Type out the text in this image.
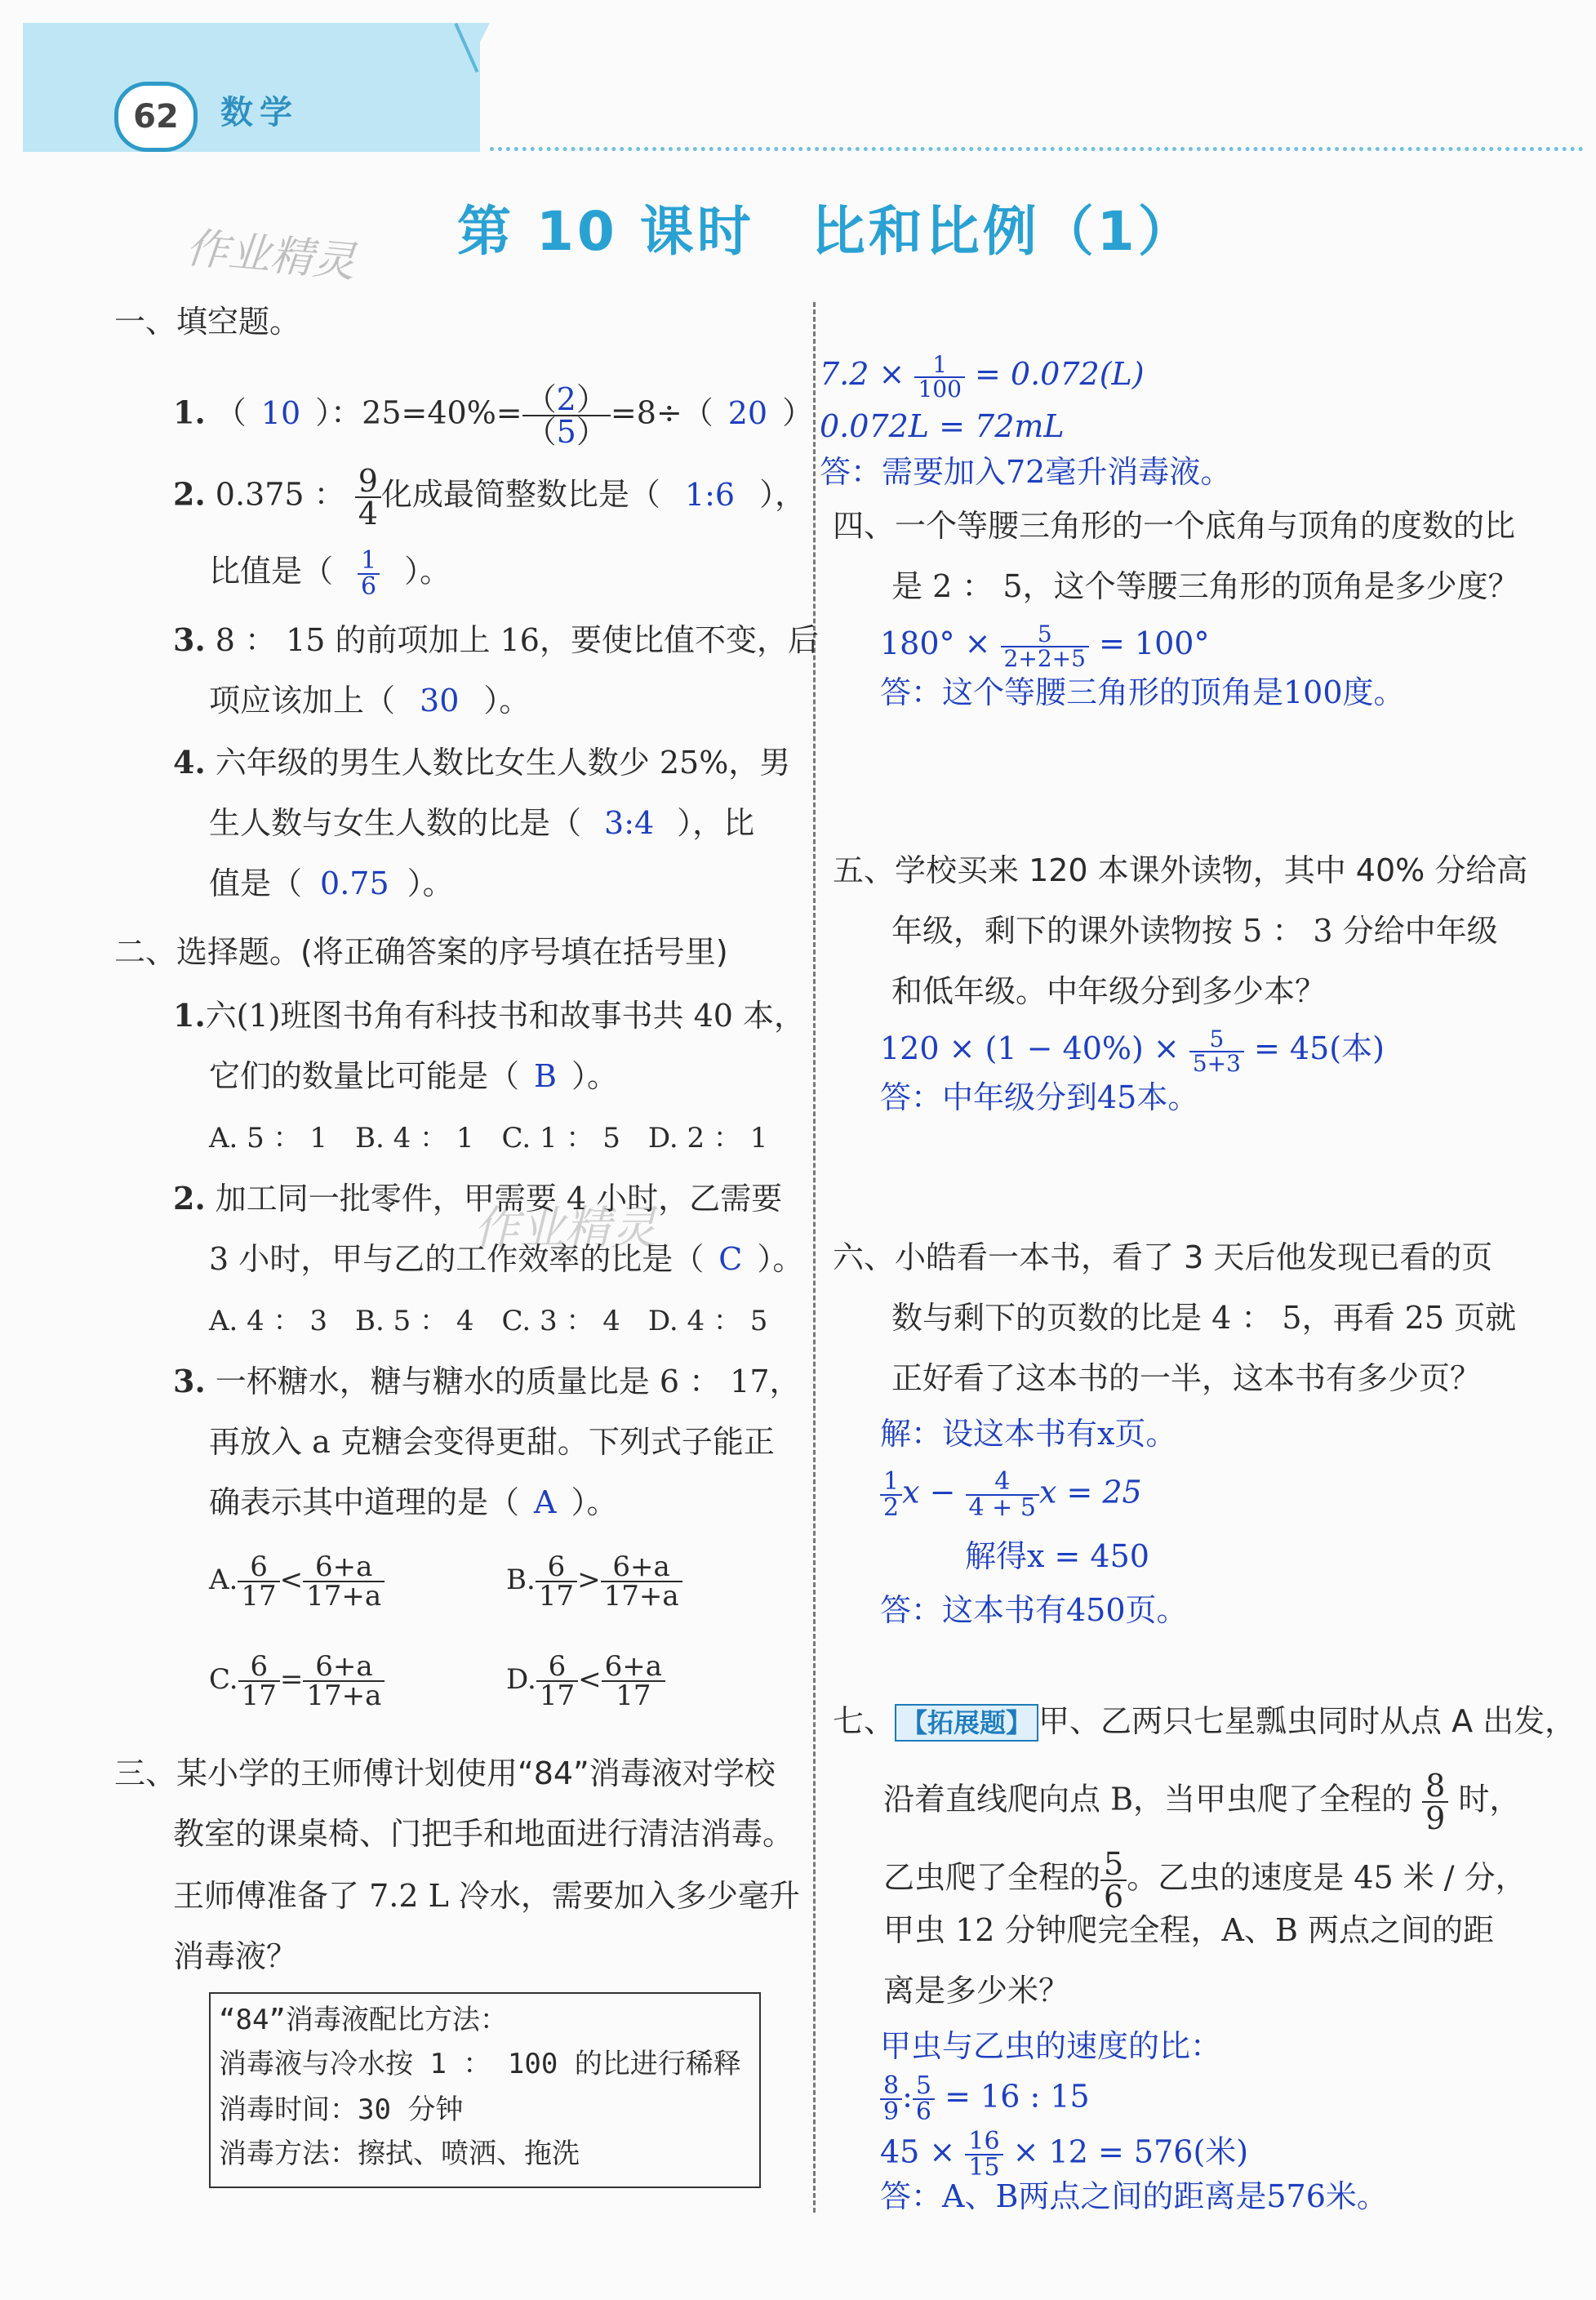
62	数学
第 10 课时　比和比例（1）
作业精灵
作业精灵
一、填空题。
1. （ 10 ）：$25=40\%= \frac{(2)}{(5)} =8\div$（ 20 ）
2. 0.375 ： $\frac{9}{4}$ 化成最简整数比是（ 1:6 ），
比值是（ $\frac{1}{6}$ ）。
3. 8 ： 15 的前项加上 16，要使比值不变，后
项应该加上（ 30 ）。
4. 六年级的男生人数比女生人数少 25%，男
生人数与女生人数的比是（ 3:4 ），比
值是（ 0.75 ）。
二、选择题。(将正确答案的序号填在括号里)
1.六(1)班图书角有科技书和故事书共 40 本，
它们的数量比可能是（ B ）。
A. 5 ： 1　B. 4 ： 1　C. 1 ： 5　D. 2 ： 1
2. 加工同一批零件，甲需要 4 小时，乙需要
3 小时，甲与乙的工作效率的比是（ C ）。
A. 4 ： 3　B. 5 ： 4　C. 3 ： 4　D. 4 ： 5
3. 一杯糖水，糖与糖水的质量比是 6 ： 17，
再放入 a 克糖会变得更甜。下列式子能正
确表示其中道理的是（ A ）。
A. $\frac{6}{17} < \frac{6+a}{17+a}$	B. $\frac{6}{17} > \frac{6+a}{17+a}$
C. $\frac{6}{17} = \frac{6+a}{17+a}$	D. $\frac{6}{17} < \frac{6+a}{17}$
三、某小学的王师傅计划使用“84”消毒液对学校
教室的课桌椅、门把手和地面进行清洁消毒。
王师傅准备了 7.2 L 冷水，需要加入多少毫升
消毒液？
“84”消毒液配比方法：
消毒液与冷水按 1 ： 100 的比进行稀释
消毒时间：30 分钟
消毒方法：擦拭、喷洒、拖洗
$7.2 \times \frac{1}{100} = 0.072(L)$
0.072L = 72mL
答：需要加入72毫升消毒液。
四、一个等腰三角形的一个底角与顶角的度数的比
是 2 ： 5，这个等腰三角形的顶角是多少度？
$180^\circ \times \frac{5}{2+2+5} = 100^\circ$
答：这个等腰三角形的顶角是100度。
五、学校买来 120 本课外读物，其中 40% 分给高
年级，剩下的课外读物按 5 ： 3 分给中年级
和低年级。中年级分到多少本？
$120 \times (1 - 40\%) \times \frac{5}{5+3} = 45$(本)
答：中年级分到45本。
六、小皓看一本书，看了 3 天后他发现已看的页
数与剩下的页数的比是 4 ： 5，再看 25 页就
正好看了这本书的一半，这本书有多少页？
解：设这本书有x页。
$\frac{1}{2}$ $x - \frac{4}{4 + 5}$ x = 25
解得x = 450
答：这本书有450页。
七、 【拓展题】 甲、乙两只七星瓢虫同时从点 A 出发，
沿着直线爬向点 B，当甲虫爬了全程的 $\frac{8}{9}$ 时，
乙虫爬了全程的 $\frac{5}{6}$ 。乙虫的速度是 45 米 / 分，
甲虫 12 分钟爬完全程，A、B 两点之间的距
离是多少米？
甲虫与乙虫的速度的比：
$\frac{8}{9}$ : $\frac{5}{6} = 16$ : 15
$45 \times \frac{16}{15} \times 12 = 576$(米)
答：A、B两点之间的距离是576米。
